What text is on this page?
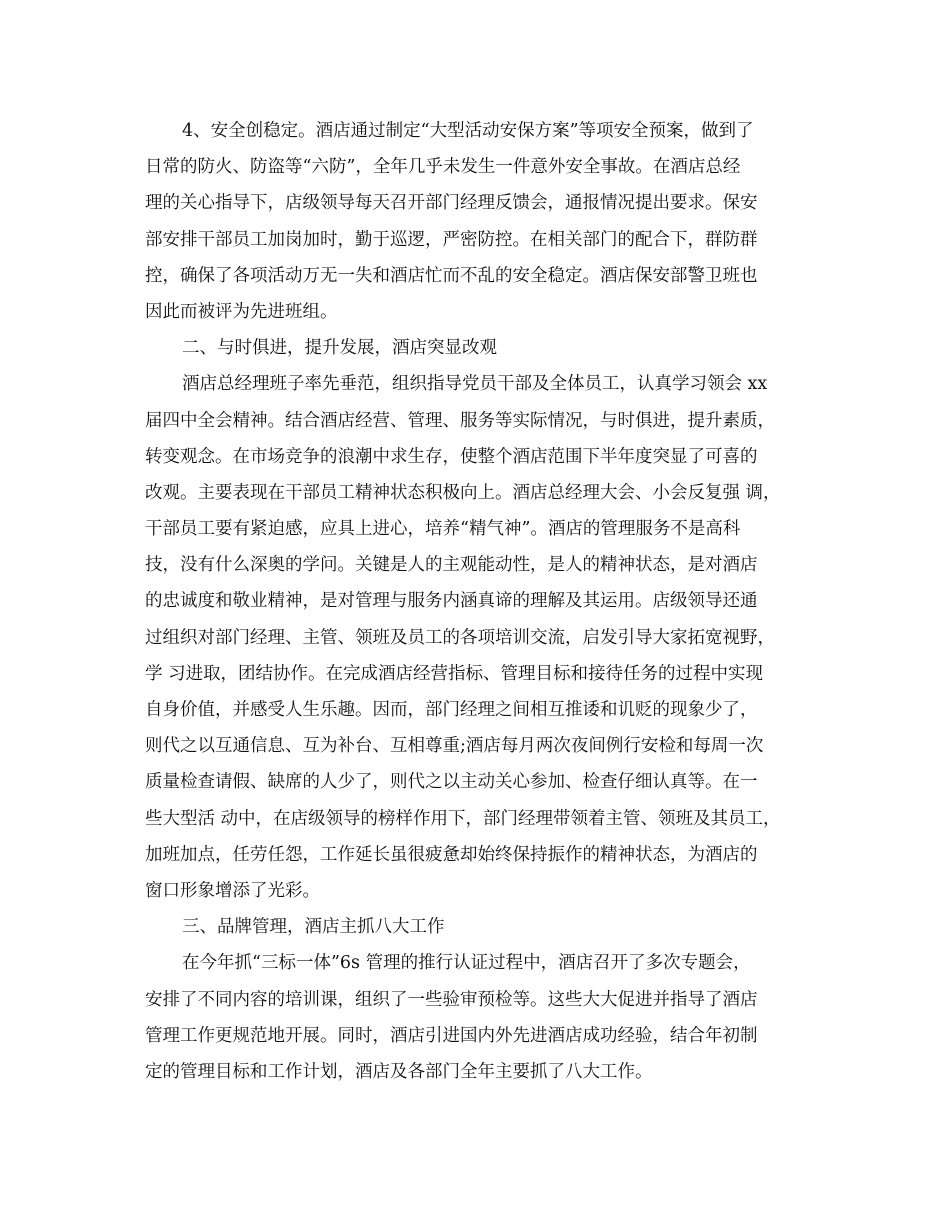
4、安全创稳定。酒店通过制定“大型活动安保方案”等项安全预案，做到了
日常的防火、防盗等“六防”，全年几乎未发生一件意外安全事故。在酒店总经
理的关心指导下，店级领导每天召开部门经理反馈会，通报情况提出要求。保安
部安排干部员工加岗加时，勤于巡逻，严密防控。在相关部门的配合下，群防群
控，确保了各项活动万无一失和酒店忙而不乱的安全稳定。酒店保安部警卫班也
因此而被评为先进班组。
二、与时俱进，提升发展，酒店突显改观
酒店总经理班子率先垂范，组织指导党员干部及全体员工，认真学习领会 xx
届四中全会精神。结合酒店经营、管理、服务等实际情况，与时俱进，提升素质，
转变观念。在市场竞争的浪潮中求生存，使整个酒店范围下半年度突显了可喜的
改观。主要表现在干部员工精神状态积极向上。酒店总经理大会、小会反复强 调，
干部员工要有紧迫感，应具上进心，培养“精气神”。酒店的管理服务不是高科
技，没有什么深奥的学问。关键是人的主观能动性，是人的精神状态，是对酒店
的忠诚度和敬业精神，是对管理与服务内涵真谛的理解及其运用。店级领导还通
过组织对部门经理、主管、领班及员工的各项培训交流，启发引导大家拓宽视野，
学 习进取，团结协作。在完成酒店经营指标、管理目标和接待任务的过程中实现
自身价值，并感受人生乐趣。因而，部门经理之间相互推诿和讥贬的现象少了，
则代之以互通信息、互为补台、互相尊重;酒店每月两次夜间例行安检和每周一次
质量检查请假、缺席的人少了，则代之以主动关心参加、检查仔细认真等。在一
些大型活 动中，在店级领导的榜样作用下，部门经理带领着主管、领班及其员工，
加班加点，任劳任怨，工作延长虽很疲惫却始终保持振作的精神状态，为酒店的
窗口形象增添了光彩。
三、品牌管理，酒店主抓八大工作
在今年抓“三标一体”6s 管理的推行认证过程中，酒店召开了多次专题会，
安排了不同内容的培训课，组织了一些验审预检等。这些大大促进并指导了酒店
管理工作更规范地开展。同时，酒店引进国内外先进酒店成功经验，结合年初制
定的管理目标和工作计划，酒店及各部门全年主要抓了八大工作。
